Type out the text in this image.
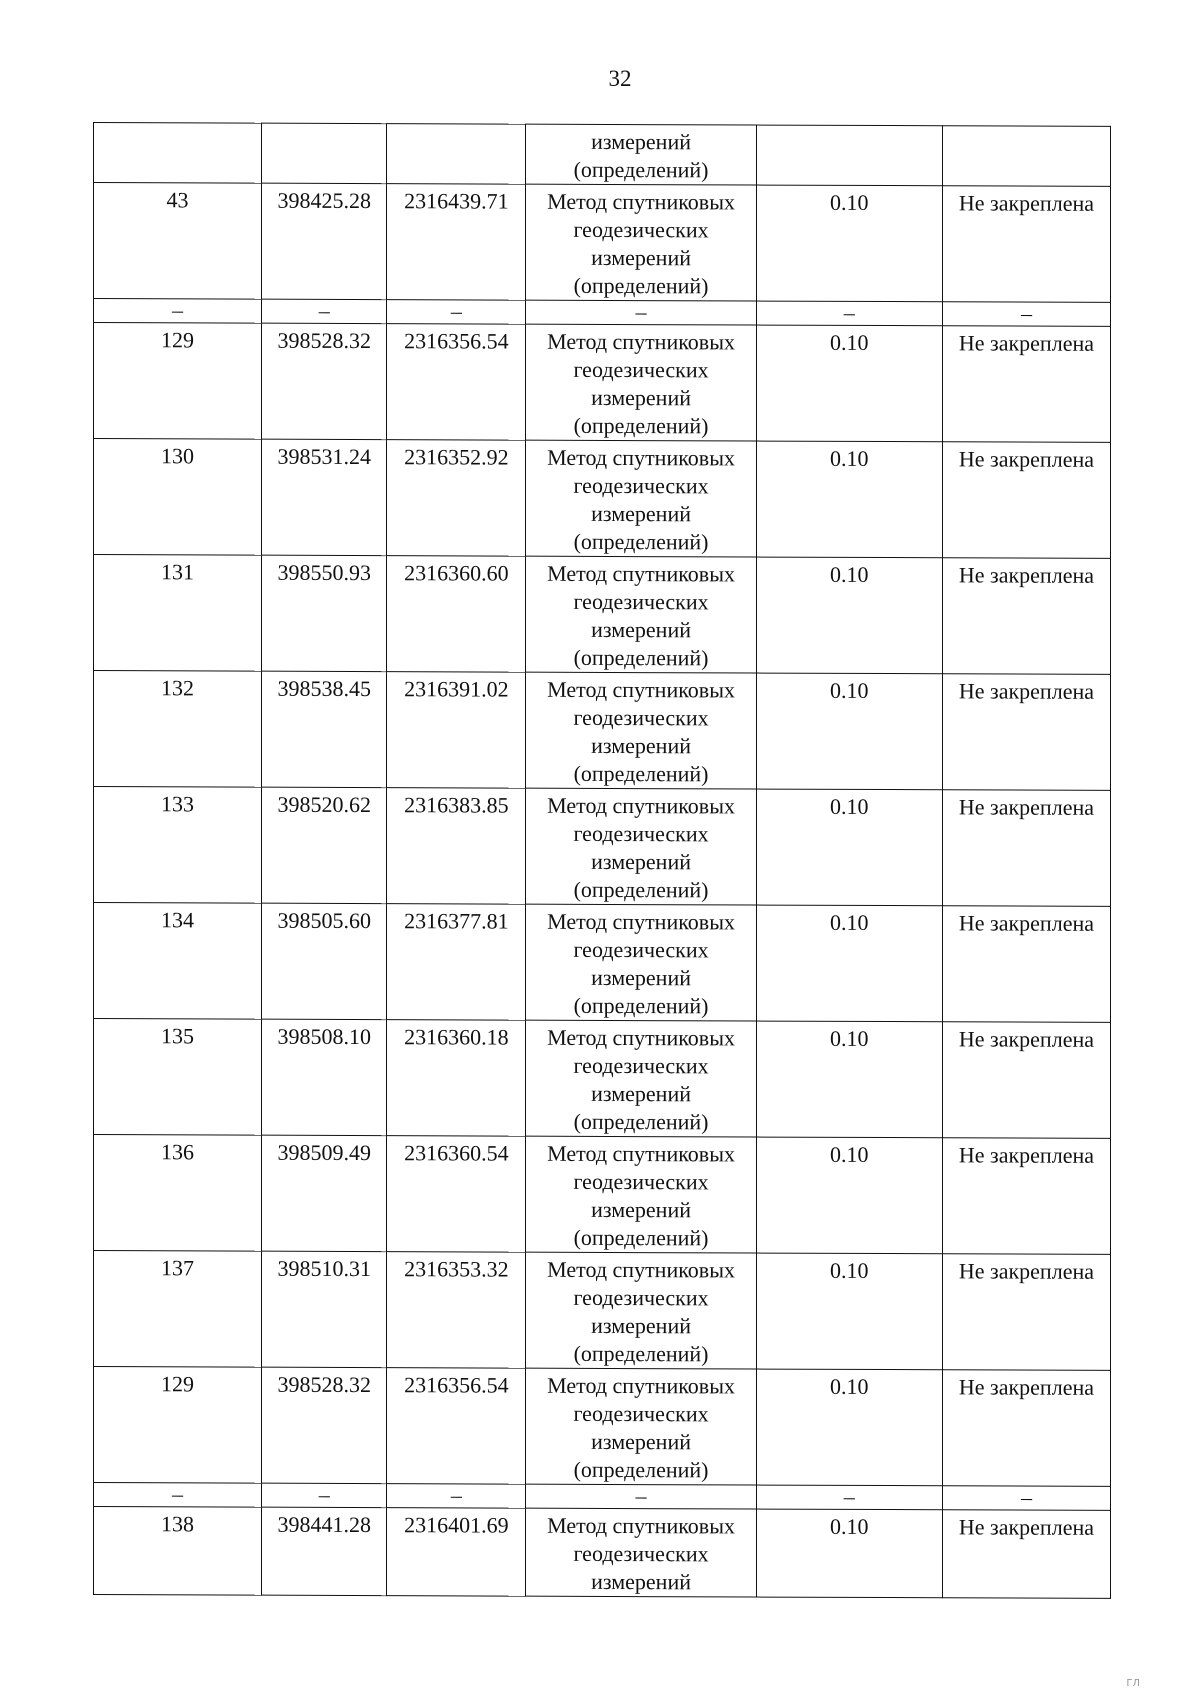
32

			измерений
(определений)		

43	398425.28	2316439.71	Метод спутниковых
геодезических
измерений
(определений)	0.10	Не закреплена
–	–	–	–	–	–
129	398528.32	2316356.54	Метод спутниковых
геодезических
измерений
(определений)	0.10	Не закреплена
130	398531.24	2316352.92	Метод спутниковых
геодезических
измерений
(определений)	0.10	Не закреплена
131	398550.93	2316360.60	Метод спутниковых
геодезических
измерений
(определений)	0.10	Не закреплена
132	398538.45	2316391.02	Метод спутниковых
геодезических
измерений
(определений)	0.10	Не закреплена
133	398520.62	2316383.85	Метод спутниковых
геодезических
измерений
(определений)	0.10	Не закреплена
134	398505.60	2316377.81	Метод спутниковых
геодезических
измерений
(определений)	0.10	Не закреплена
135	398508.10	2316360.18	Метод спутниковых
геодезических
измерений
(определений)	0.10	Не закреплена
136	398509.49	2316360.54	Метод спутниковых
геодезических
измерений
(определений)	0.10	Не закреплена
137	398510.31	2316353.32	Метод спутниковых
геодезических
измерений
(определений)	0.10	Не закреплена
129	398528.32	2316356.54	Метод спутниковых
геодезических
измерений
(определений)	0.10	Не закреплена
–	–	–	–	–	–
138	398441.28	2316401.69	Метод спутниковых
геодезических
измерений	0.10	Не закреплена
ГЛ
